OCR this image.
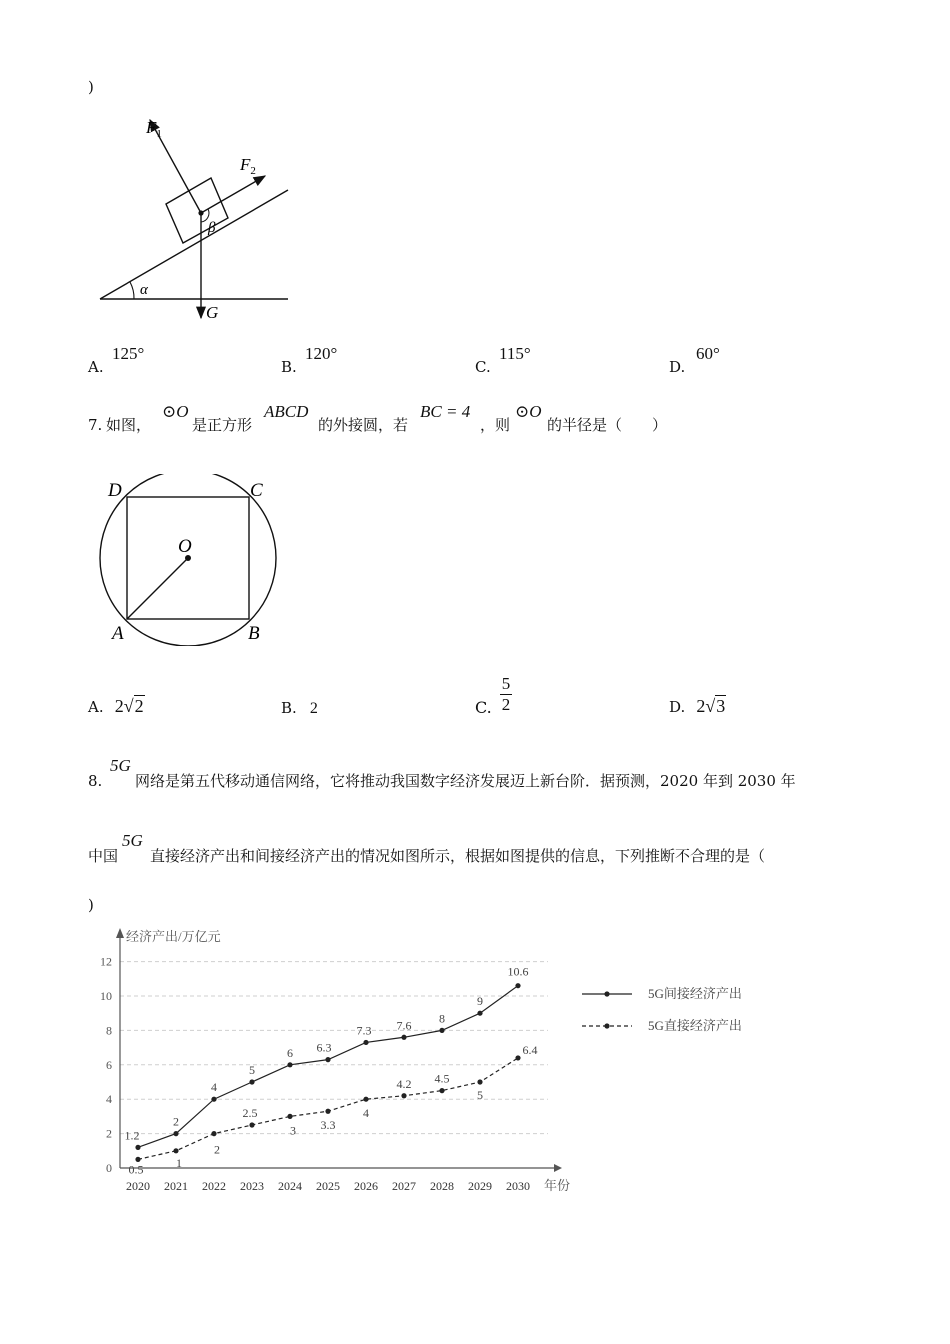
)
$F_1$
$F_2$
β
α
G
A.
125°
B.
120°
C.
115°
D.
60°
7. 如图，
⊙O
是正方形
ABCD
的外接圆，若
BC = 4
，则
⊙O
的半径是（　　）
D	C
O
A	B
A. 2√2	B. 2	C.
5
2	D. 2√3
8.
5G
网络是第五代移动通信网络，它将推动我国数字经济发展迈上新台阶．据预测，2020 年到 2030 年
中国
5G
直接经济产出和间接经济产出的情况如图所示，根据如图提供的信息，下列推断不合理的是（
)
0
2
4
6
8
10
12
经济产出/万亿元
年份
2020 2021 2022 2023 2024 2025 2026 2027 2028 2029 2030
1.2
2
4
5
6 6.3
7.3 7.6 8
9
10.6
0.5	1
2
2.5
3 3.3
4
4.2 4.5
5
6.4
5G间接经济产出
5G直接经济产出
